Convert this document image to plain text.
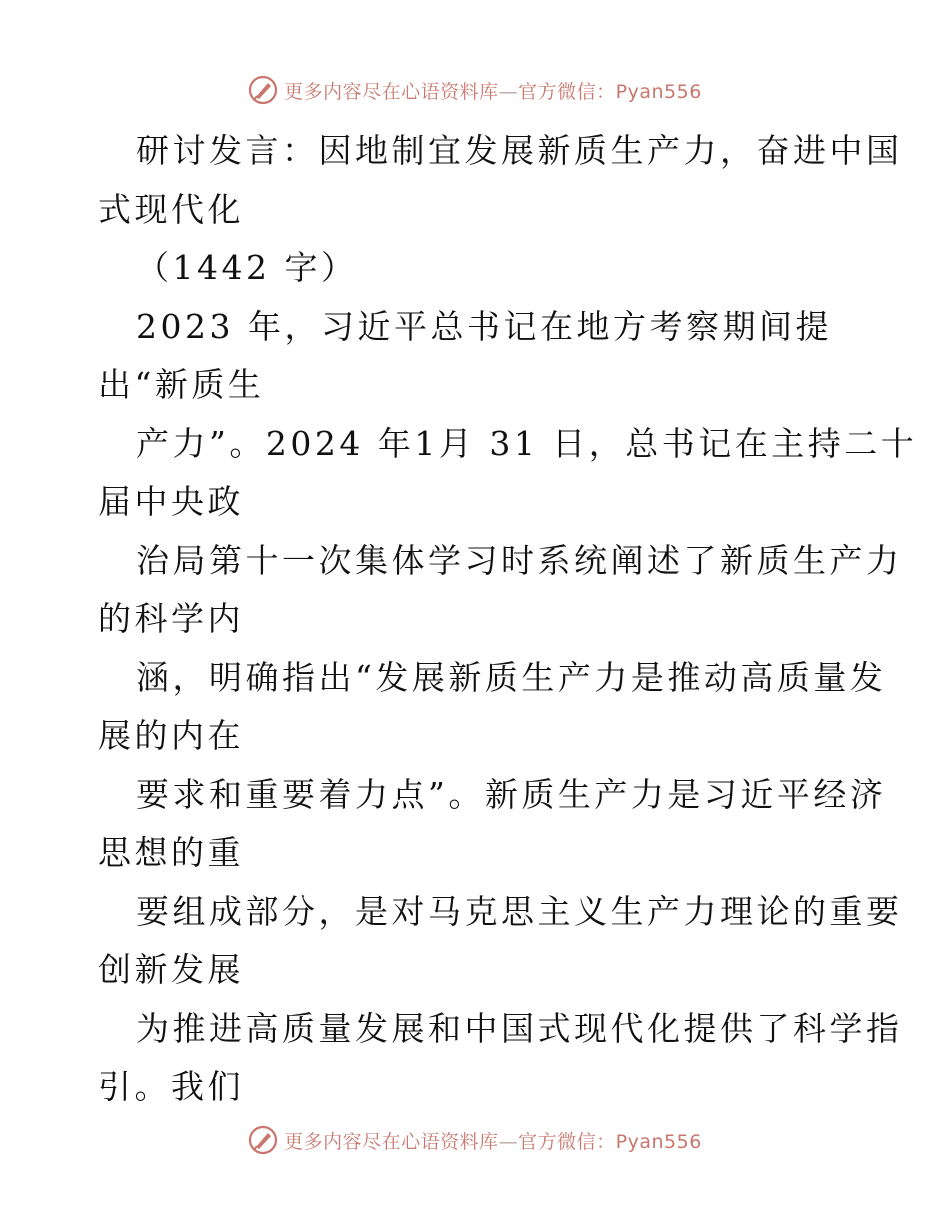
更多内容尽在心语资料库—官方微信：Pyan556
研讨发言：因地制宜发展新质生产力，奋进中国
式现代化
（1442 字）
2023 年，习近平总书记在地方考察期间提
出“新质生
产力”。2024 年1月 31 日，总书记在主持二十
届中央政
治局第十一次集体学习时系统阐述了新质生产力
的科学内
涵，明确指出“发展新质生产力是推动高质量发
展的内在
要求和重要着力点”。新质生产力是习近平经济
思想的重
要组成部分，是对马克思主义生产力理论的重要
创新发展
为推进高质量发展和中国式现代化提供了科学指
引。我们
更多内容尽在心语资料库—官方微信：Pyan556
